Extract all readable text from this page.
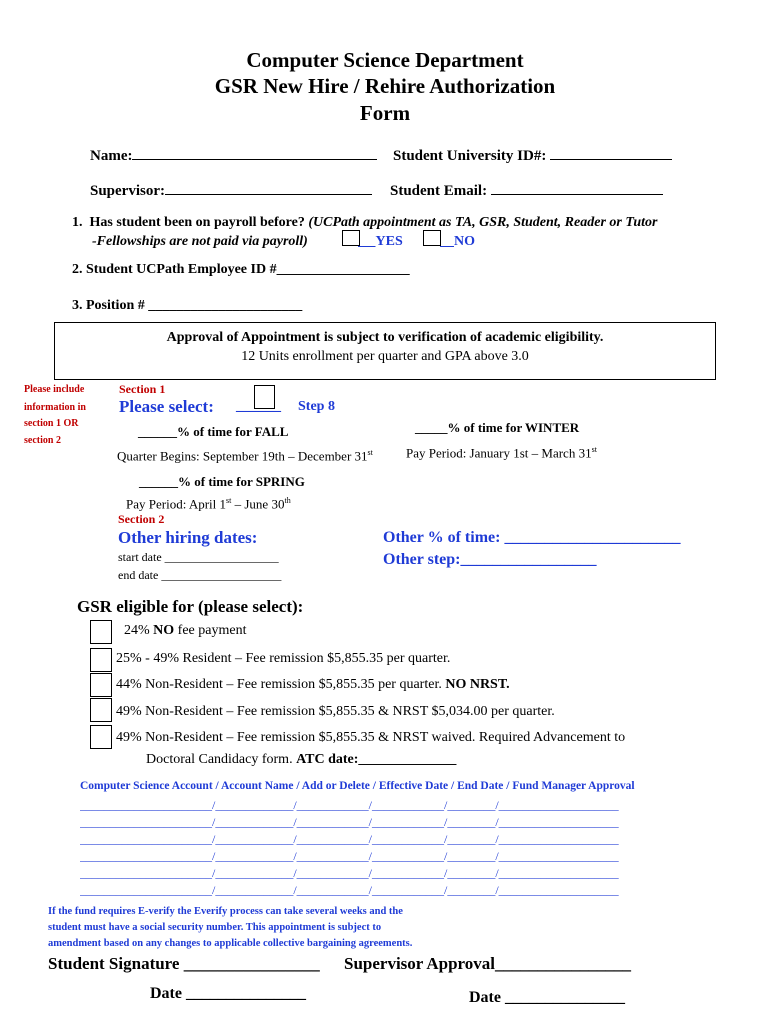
Computer Science Department
GSR New Hire / Rehire Authorization
Form
Name:	Student University ID#:
Supervisor:	Student Email:
1. Has student been on payroll before? (UCPath appointment as TA, GSR, Student, Reader or Tutor
-Fellowships are not paid via payroll)	YES	NO
2. Student UCPath Employee ID #___________________
3. Position # ______________________
Approval of Appointment is subject to verification of academic eligibility.
12 Units enrollment per quarter and GPA above 3.0
Please include
information in
section 1 OR
section 2
Section 1
Please select: ______ Step 8
______% of time for FALL	_____% of time for WINTER
Quarter Begins: September 19th – December 31st	Pay Period: January 1st – March 31st
______% of time for SPRING
Pay Period: April 1st – June 30th
Section 2
Other hiring dates:
start date ___________________
end date ____________________
Other % of time: ______________________
Other step:_________________
GSR eligible for (please select):
24% NO fee payment
25% - 49% Resident – Fee remission $5,855.35 per quarter.
44% Non-Resident – Fee remission $5,855.35 per quarter. NO NRST.
49% Non-Resident – Fee remission $5,855.35 & NRST $5,034.00 per quarter.
49% Non-Resident – Fee remission $5,855.35 & NRST waived. Required Advancement to
Doctoral Candidacy form. ATC date:______________
Computer Science Account / Account Name / Add or Delete / Effective Date / End Date / Fund Manager Approval
______________________/_____________/____________/____________/________/____________________
______________________/_____________/____________/____________/________/____________________
______________________/_____________/____________/____________/________/____________________
______________________/_____________/____________/____________/________/____________________
______________________/_____________/____________/____________/________/____________________
______________________/_____________/____________/____________/________/____________________
If the fund requires E-verify the Everify process can take several weeks and the
student must have a social security number. This appointment is subject to
amendment based on any changes to applicable collective bargaining agreements.
Student Signature ________________ Supervisor Approval________________
Date _______________	Date _______________
